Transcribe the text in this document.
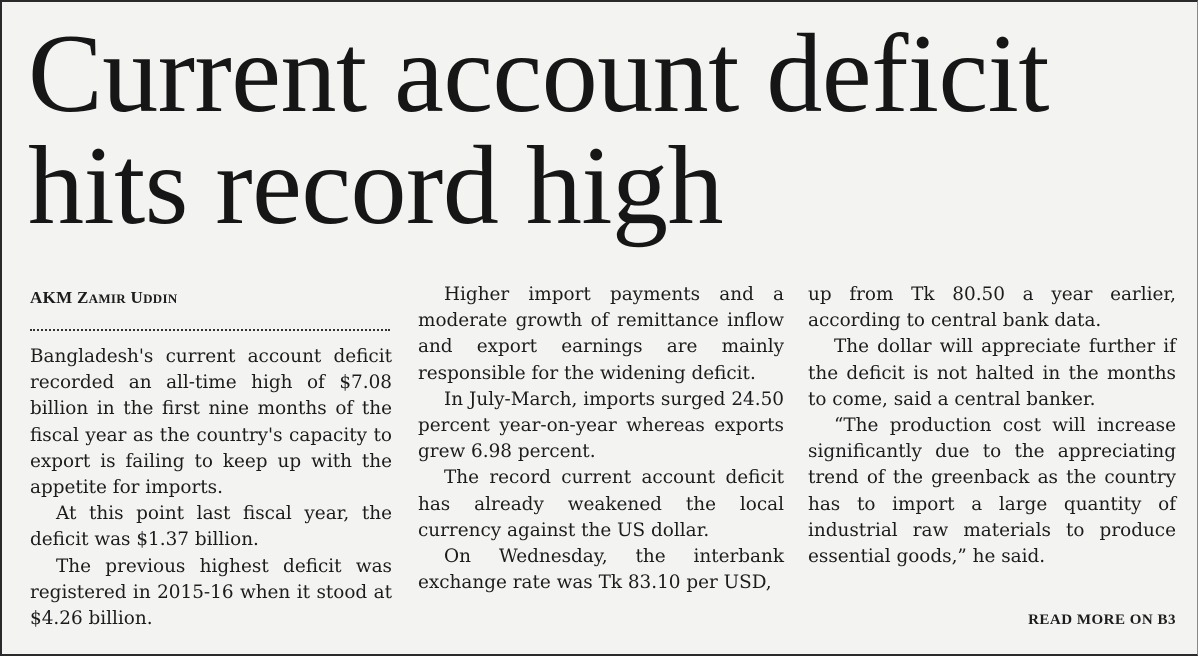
Current account deficit
hits record high
AKM ZAMIR UDDIN

Bangladesh's current account deficit recorded an all-time high of $7.08 billion in the first nine months of the fiscal year as the country's capacity to export is failing to keep up with the appetite for imports.

At this point last fiscal year, the deficit was $1.37 billion.

The previous highest deficit was registered in 2015-16 when it stood at $4.26 billion.

Higher import payments and a moderate growth of remittance inflow and export earnings are mainly responsible for the widening deficit.

In July-March, imports surged 24.50 percent year-on-year whereas exports grew 6.98 percent.

The record current account deficit has already weakened the local currency against the US dollar.

On Wednesday, the interbank exchange rate was Tk 83.10 per USD,

up from Tk 80.50 a year earlier, according to central bank data.

The dollar will appreciate further if the deficit is not halted in the months to come, said a central banker.

“The production cost will increase significantly due to the appreciating trend of the greenback as the country has to import a large quantity of industrial raw materials to produce essential goods,” he said.

READ MORE ON B3
